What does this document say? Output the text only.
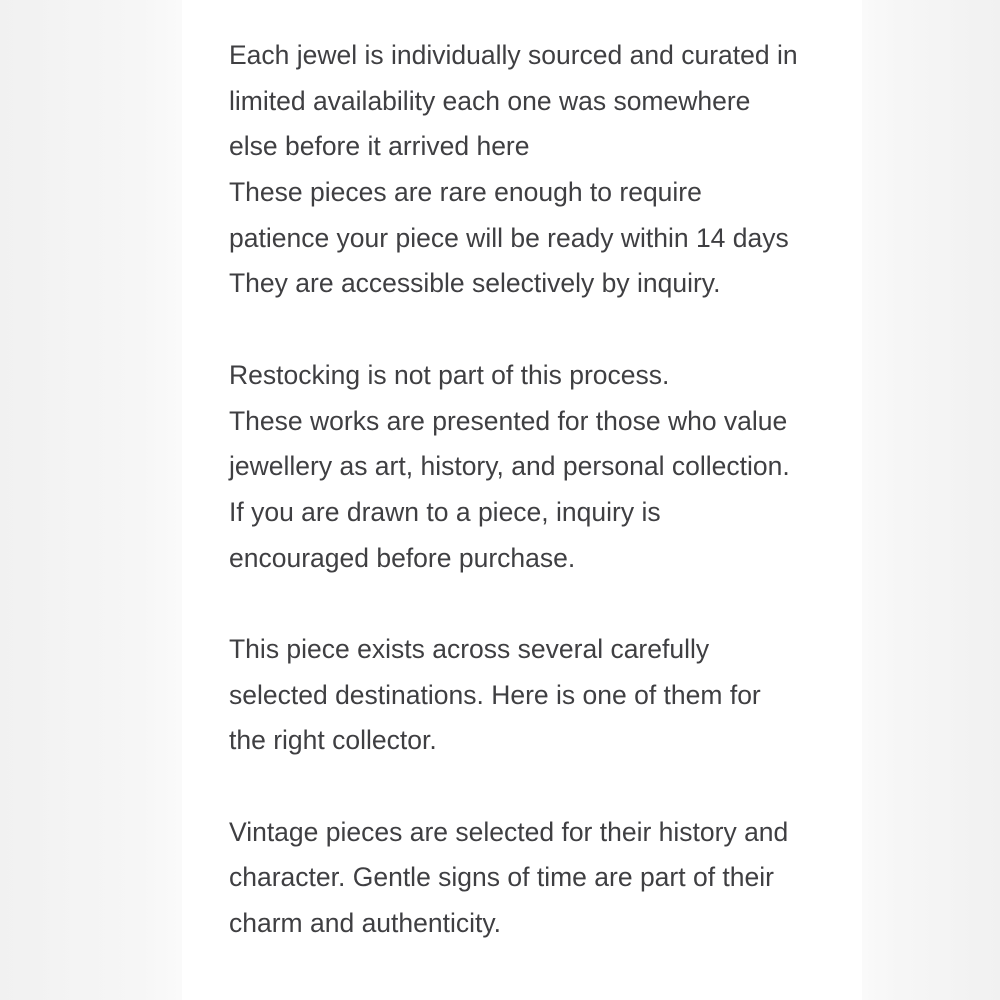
Each jewel is individually sourced and curated in
limited availability each one was somewhere
else before it arrived here
These pieces are rare enough to require
patience your piece will be ready within 14 days
They are accessible selectively by inquiry.
Restocking is not part of this process.
These works are presented for those who value
jewellery as art, history, and personal collection.
If you are drawn to a piece, inquiry is
encouraged before purchase.
This piece exists across several carefully
selected destinations. Here is one of them for
the right collector.
Vintage pieces are selected for their history and
character. Gentle signs of time are part of their
charm and authenticity.
